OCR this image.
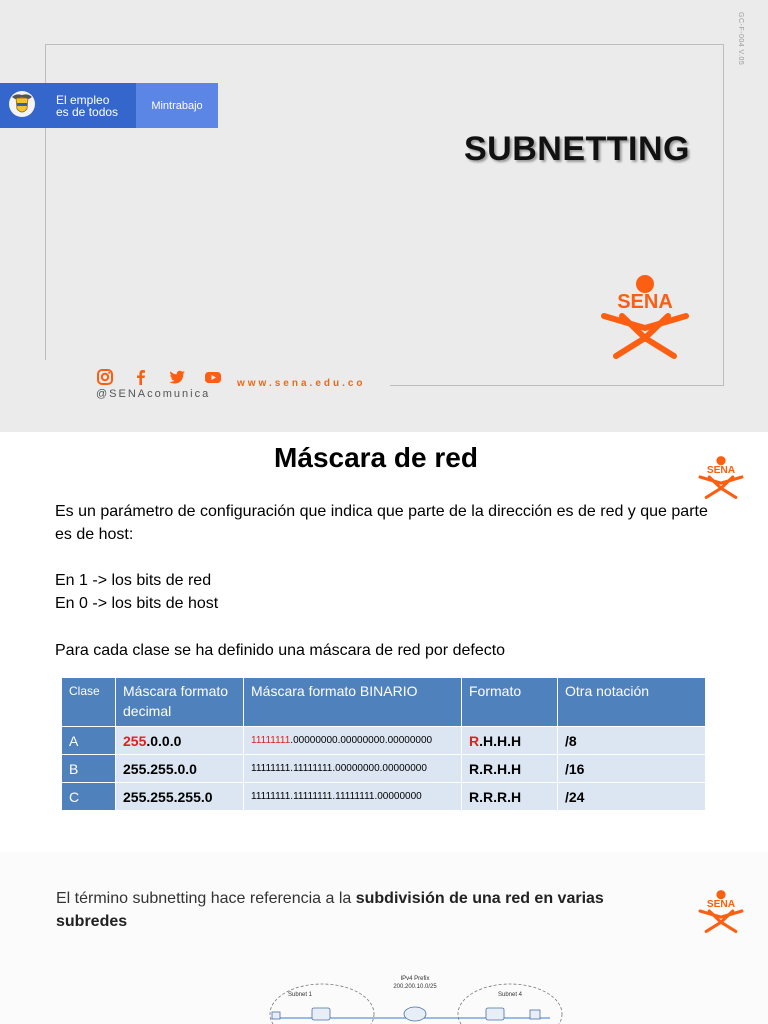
El empleo
es de todos	Mintrabajo
GC-F-004 V.05
SUBNETTING
SENA
@SENAcomunica
www.sena.edu.co
Máscara de red	SENA
Es un parámetro de configuración que indica que parte de la dirección es de red y que parte es de host:
En 1 -> los bits de red
En 0 -> los bits de host
Para cada clase se ha definido una máscara de red por defecto
Clase	Máscara formato decimal	Máscara formato BINARIO	Formato	Otra notación
A	255.0.0.0	11111111.00000000.00000000.00000000	R.H.H.H	/8
B	255.255.0.0	11111111.11111111.00000000.00000000	R.R.H.H	/16
C	255.255.255.0	11111111.11111111.11111111.00000000	R.R.R.H	/24
El término subnetting hace referencia a la subdivisión de una red en varias subredes
SENA
IPv4 Prefix
200.200.10.0/25
Subnet 1	Subnet 4
